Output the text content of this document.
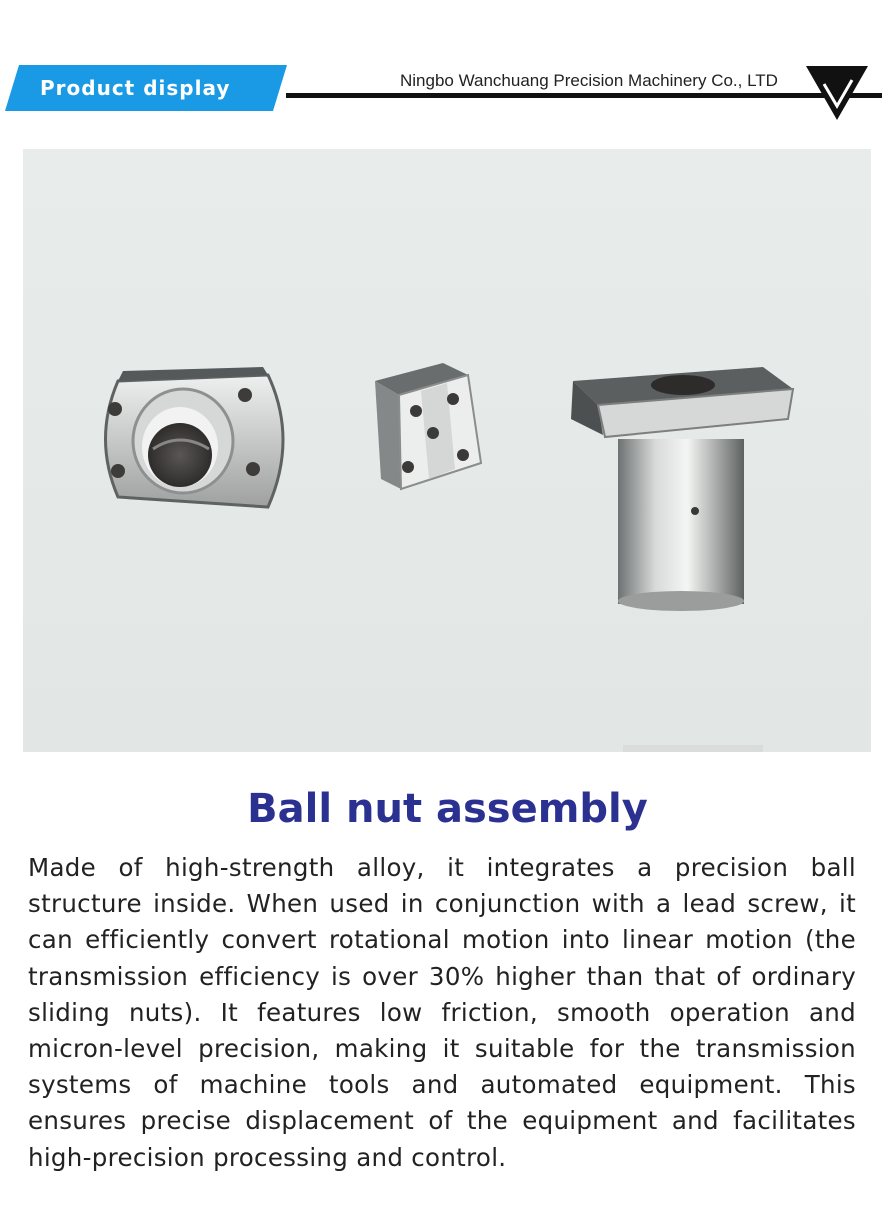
Product display	Ningbo Wanchuang Precision Machinery Co., LTD
Ball nut assembly
Made of high-strength alloy, it integrates a precision ball structure inside. When used in conjunction with a lead screw, it can efficiently convert rotational motion into linear motion (the transmission efficiency is over 30% higher than that of ordinary sliding nuts). It features low friction, smooth operation and micron-level precision, making it suitable for the transmission systems of machine tools and automated equipment. This ensures precise displacement of the equipment and facilitates high-precision processing and control.
